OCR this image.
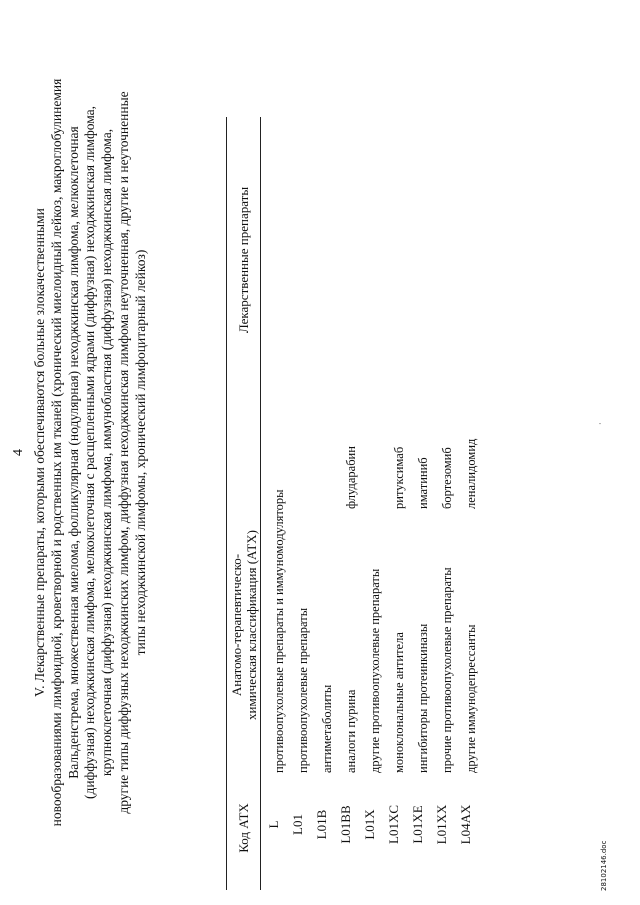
4 V. Лекарственные препараты, которыми обеспечиваются больные злокачественными новообразованиями лимфоидной, кроветворной и родственных им тканей (хронический миелоидный лейкоз, макроглобулинемия Вальденстрема, множественная миелома, фолликулярная (нодулярная) неходжкинская лимфома, мелкоклеточная (диффузная) неходжкинская лимфома, мелкоклеточная с расщепленными ядрами (диффузная) неходжкинская лимфома, крупноклеточная (диффузная) неходжкинская лимфома, иммунобластная (диффузная) неходжкинская лимфома, другие типы диффузных неходжкинских лимфом, диффузная неходжкинская лимфома неуточненная, другие и неуточненные типы неходжкинской лимфомы, хронический лимфоцитарный лейкоз)
Код АТХ
Анатомо-терапевтическо-химическая классификация (АТХ)
Лекарственные препараты
L
противоопухолевые препараты и иммуномодуляторы
L01
противоопухолевые препараты
L01B
антиметаболиты
L01BB
аналоги пурина
флударабин
L01X
другие противоопухолевые препараты
L01XC
моноклональные антитела
ритуксимаб
L01XE
ингибиторы протеинкиназы
иматиниб
L01XX
прочие противоопухолевые препараты
бортезомиб
L04AX
другие иммунодепрессанты
леналидомид
28102146.doc
·
